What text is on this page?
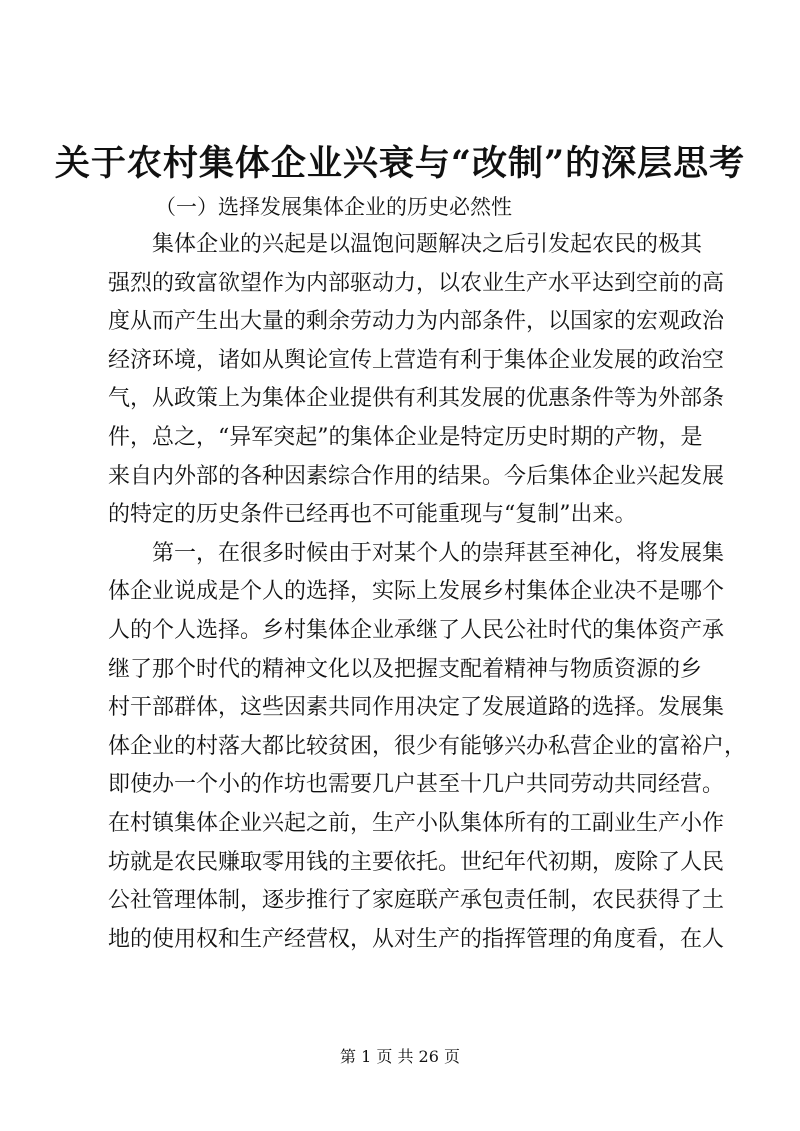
关于农村集体企业兴衰与“改制”的深层思考
（一）选择发展集体企业的历史必然性
集体企业的兴起是以温饱问题解决之后引发起农民的极其
强烈的致富欲望作为内部驱动力，以农业生产水平达到空前的高
度从而产生出大量的剩余劳动力为内部条件，以国家的宏观政治
经济环境，诸如从舆论宣传上营造有利于集体企业发展的政治空
气，从政策上为集体企业提供有利其发展的优惠条件等为外部条
件，总之，“异军突起”的集体企业是特定历史时期的产物，是
来自内外部的各种因素综合作用的结果。今后集体企业兴起发展
的特定的历史条件已经再也不可能重现与“复制”出来。
第一，在很多时候由于对某个人的崇拜甚至神化，将发展集
体企业说成是个人的选择，实际上发展乡村集体企业决不是哪个
人的个人选择。乡村集体企业承继了人民公社时代的集体资产承
继了那个时代的精神文化以及把握支配着精神与物质资源的乡
村干部群体，这些因素共同作用决定了发展道路的选择。发展集
体企业的村落大都比较贫困，很少有能够兴办私营企业的富裕户，
即使办一个小的作坊也需要几户甚至十几户共同劳动共同经营。
在村镇集体企业兴起之前，生产小队集体所有的工副业生产小作
坊就是农民赚取零用钱的主要依托。世纪年代初期，废除了人民
公社管理体制，逐步推行了家庭联产承包责任制，农民获得了土
地的使用权和生产经营权，从对生产的指挥管理的角度看，在人
第 1 页 共 26 页
